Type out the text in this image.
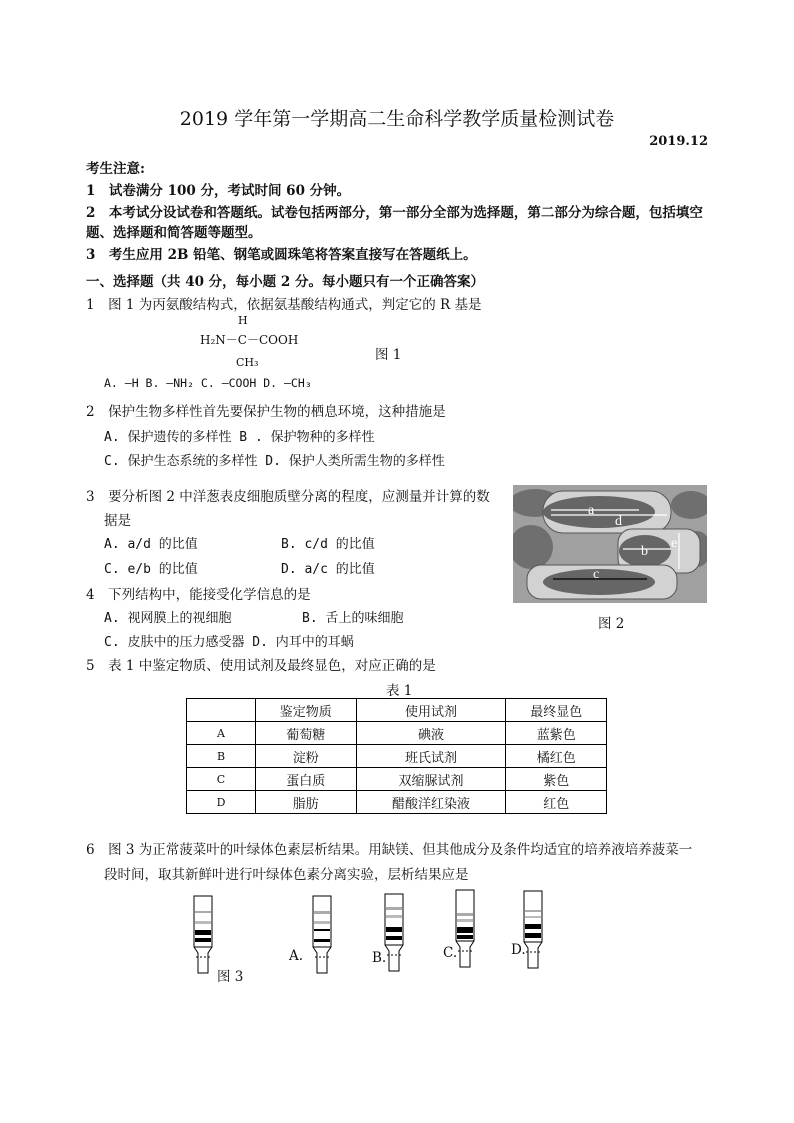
2019 学年第一学期高二生命科学教学质量检测试卷
2019.12
考生注意:
1　试卷满分 100 分，考试时间 60 分钟。
2　本考试分设试卷和答题纸。试卷包括两部分，第一部分全部为选择题，第二部分为综合题，包括填空
题、选择题和简答题等题型。
3　考生应用 2B 铅笔、钢笔或圆珠笔将答案直接写在答题纸上。
一、选择题（共 40 分，每小题 2 分。每小题只有一个正确答案）
1　图 1 为丙氨酸结构式，依据氨基酸结构通式，判定它的 R 基是
H
H₂N－C－COOH
CH₃	图 1
A. –H B. –NH₂ C. –COOH D. –CH₃
2　保护生物多样性首先要保护生物的栖息环境，这种措施是
A. 保护遗传的多样性 B . 保护物种的多样性
C. 保护生态系统的多样性 D. 保护人类所需生物的多样性
3　要分析图 2 中洋葱表皮细胞质壁分离的程度，应测量并计算的数
据是
A. a/d 的比值	B. c/d 的比值
C. e/b 的比值	D. a/c 的比值
a
d
b
e
c
图 2
4　下列结构中，能接受化学信息的是
A. 视网膜上的视细胞	B. 舌上的味细胞
C. 皮肤中的压力感受器 D. 内耳中的耳蜗
5　表 1 中鉴定物质、使用试剂及最终显色，对应正确的是
表 1
	鉴定物质	使用试剂	最终显色
A	葡萄糖	碘液	蓝紫色
B	淀粉	班氏试剂	橘红色
C	蛋白质	双缩脲试剂	紫色
D	脂肪	醋酸洋红染液	红色
6　图 3 为正常菠菜叶的叶绿体色素层析结果。用缺镁、但其他成分及条件均适宜的培养液培养菠菜一
段时间，取其新鲜叶进行叶绿体色素分离实验，层析结果应是
图 3
A.	B.	C.	D.
